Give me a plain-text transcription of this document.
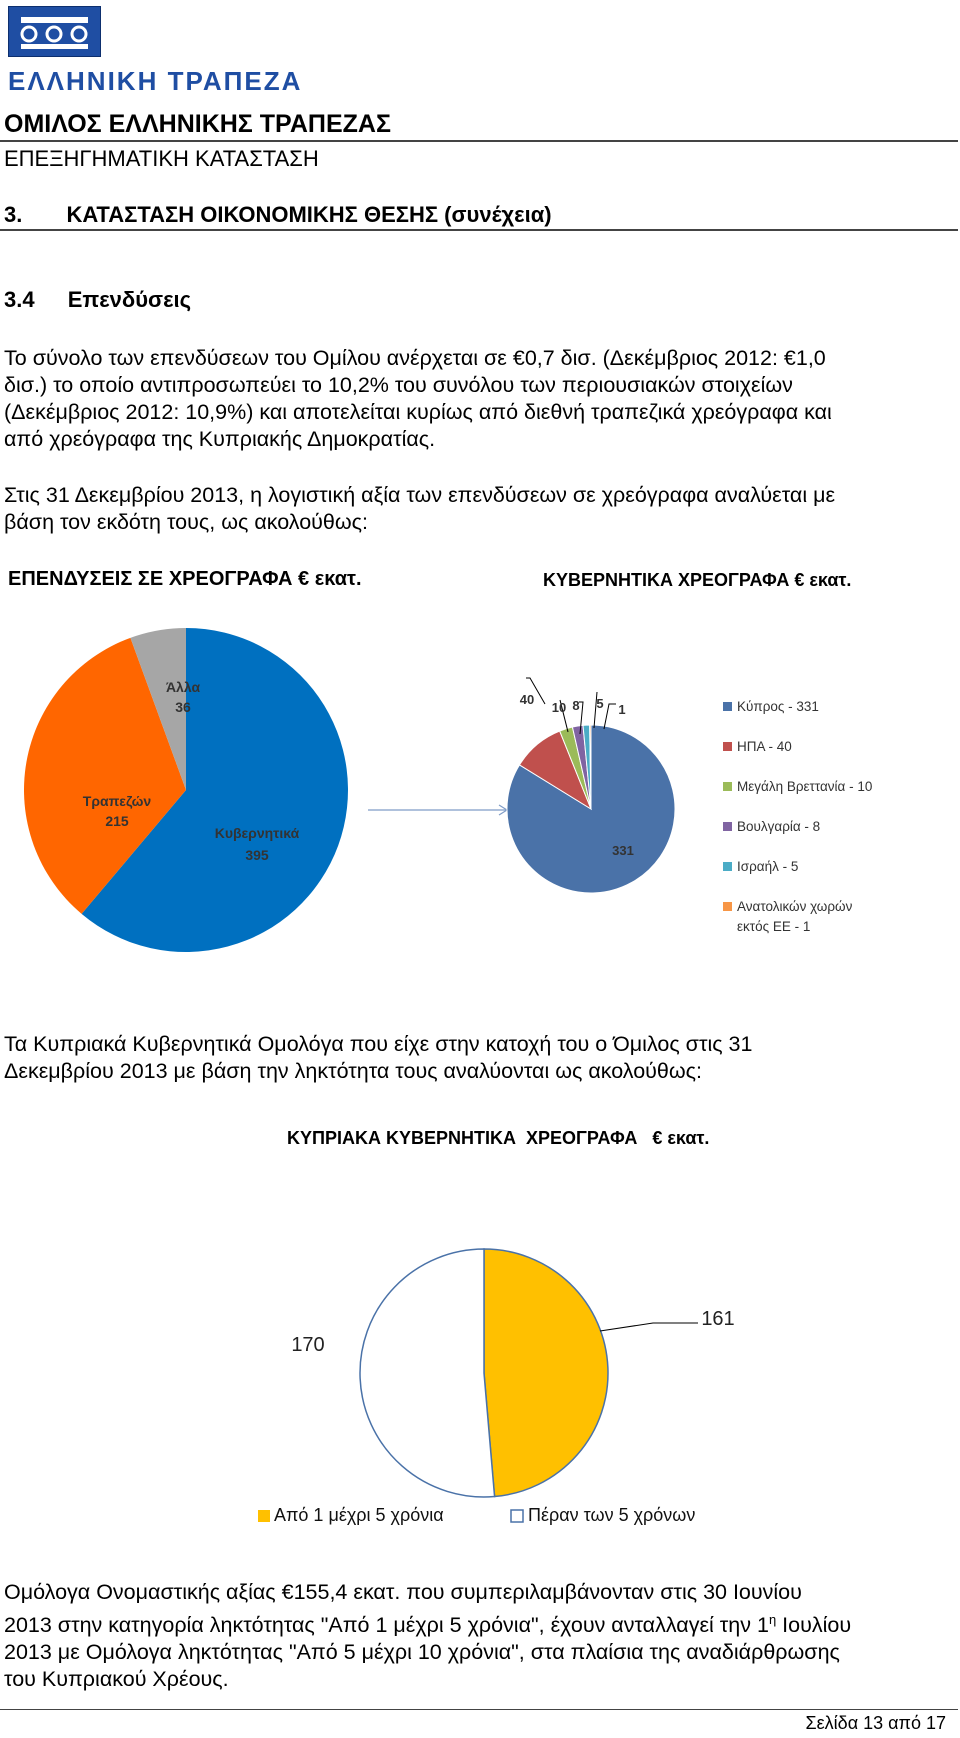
ΕΛΛΗΝΙΚΗ ΤΡΑΠΕΖΑ
ΟΜΙΛΟΣ ΕΛΛΗΝΙΚΗΣ ΤΡΑΠΕΖΑΣ
ΕΠΕΞΗΓΗΜΑΤΙΚΗ ΚΑΤΑΣΤΑΣΗ
3. ΚΑΤΑΣΤΑΣΗ ΟΙΚΟΝΟΜΙΚΗΣ ΘΕΣΗΣ (συνέχεια)
3.4 Επενδύσεις
Το σύνολο των επενδύσεων του Ομίλου ανέρχεται σε €0,7 δισ. (Δεκέμβριος 2012: €1,0
δισ.) το οποίο αντιπροσωπεύει το 10,2% του συνόλου των περιουσιακών στοιχείων
(Δεκέμβριος 2012: 10,9%) και αποτελείται κυρίως από διεθνή τραπεζικά χρεόγραφα και
από χρεόγραφα της Κυπριακής Δημοκρατίας.
Στις 31 Δεκεμβρίου 2013, η λογιστική αξία των επενδύσεων σε χρεόγραφα αναλύεται με
βάση τον εκδότη τους, ως ακολούθως:
ΕΠΕΝΔΥΣΕΙΣ ΣΕ ΧΡΕΟΓΡΑΦΑ € εκατ.	ΚΥΒΕΡΝΗΤΙΚΑ ΧΡΕΟΓΡΑΦΑ € εκατ.
Άλλα
36
Τραπεζών
215
Κυβερνητικά
395
40
10 8 5 1
331
Κύπρος - 331
ΗΠΑ - 40
Μεγάλη Βρεττανία - 10
Βουλγαρία - 8
Ισραήλ - 5
Ανατολικών χωρών
εκτός ΕΕ - 1
Τα Κυπριακά Κυβερνητικά Ομολόγα που είχε στην κατοχή του ο Όμιλος στις 31
Δεκεμβρίου 2013 με βάση την ληκτότητα τους αναλύονται ως ακολούθως:
ΚΥΠΡΙΑΚΑ ΚΥΒΕΡΝΗΤΙΚΑ  ΧΡΕΟΓΡΑΦΑ   € εκατ.
161
170
Από 1 μέχρι 5 χρόνια	Πέραν των 5 χρόνων
Ομόλογα Ονομαστικής αξίας €155,4 εκατ. που συμπεριλαμβάνονταν στις 30 Ιουνίου
2013 στην κατηγορία ληκτότητας "Από 1 μέχρι 5 χρόνια", έχουν ανταλλαγεί την $1^\eta$ Ιουλίου
2013 με Ομόλογα ληκτότητας "Από 5 μέχρι 10 χρόνια", στα πλαίσια της αναδιάρθρωσης
του Κυπριακού Χρέους.
Σελίδα 13 από 17
